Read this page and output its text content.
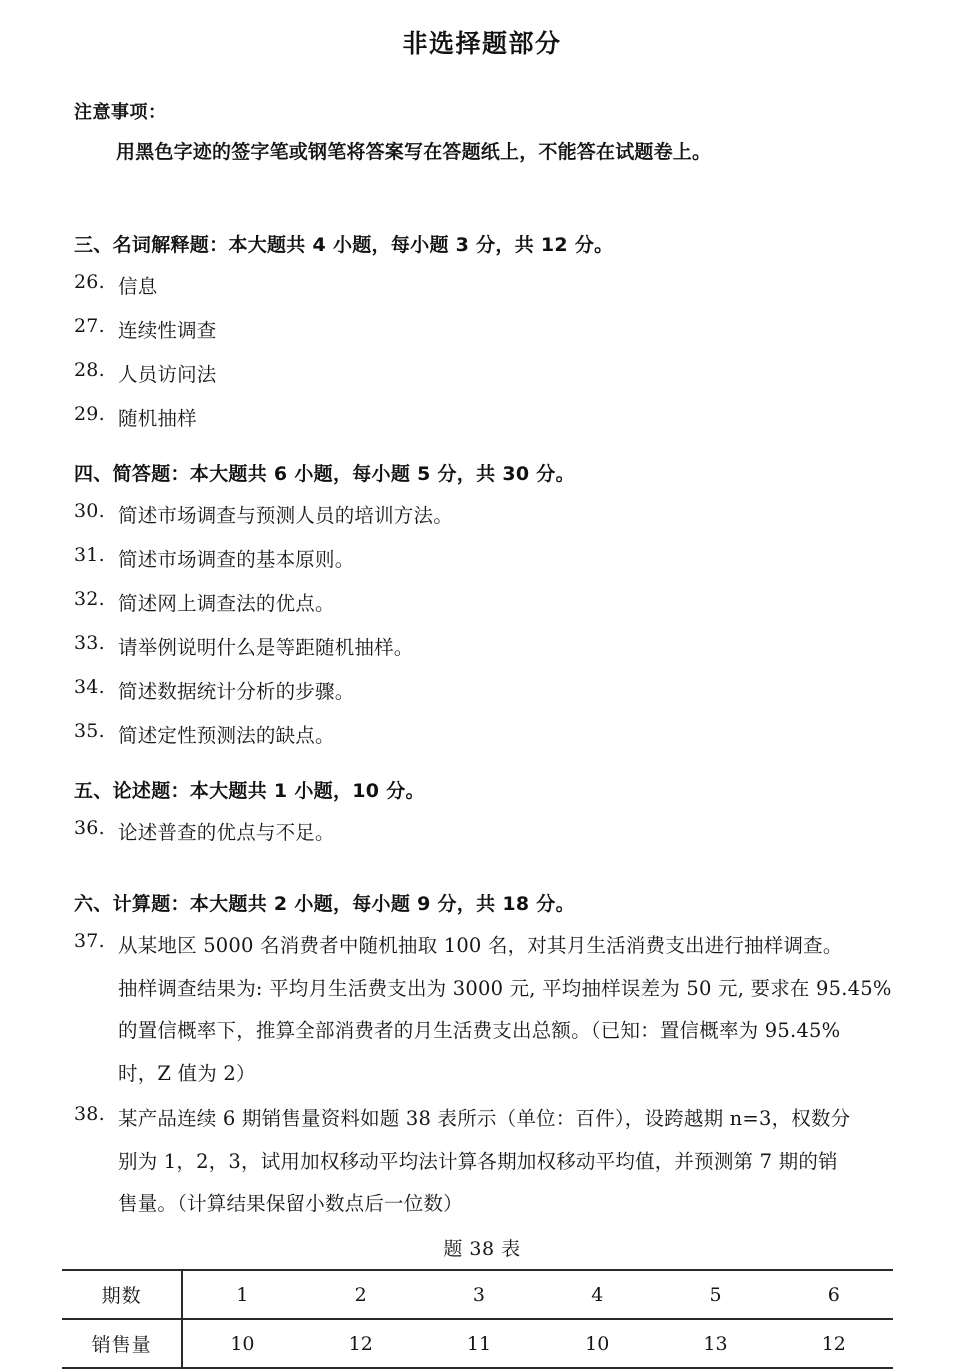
非选择题部分
注意事项：
用黑色字迹的签字笔或钢笔将答案写在答题纸上，不能答在试题卷上。
三、名词解释题：本大题共 4 小题，每小题 3 分，共 12 分。
26. 信息
27. 连续性调查
28. 人员访问法
29. 随机抽样
四、简答题：本大题共 6 小题，每小题 5 分，共 30 分。
30. 简述市场调查与预测人员的培训方法。
31. 简述市场调查的基本原则。
32. 简述网上调查法的优点。
33. 请举例说明什么是等距随机抽样。
34. 简述数据统计分析的步骤。
35. 简述定性预测法的缺点。
五、论述题：本大题共 1 小题，10 分。
36. 论述普查的优点与不足。
六、计算题：本大题共 2 小题，每小题 9 分，共 18 分。
37. 从某地区 5000 名消费者中随机抽取 100 名，对其月生活消费支出进行抽样调查。

抽样调查结果为: 平均月生活费支出为 3000 元, 平均抽样误差为 50 元, 要求在 95.45%

的置信概率下，推算全部消费者的月生活费支出总额。（已知：置信概率为 95.45%

时，Z 值为 2）

38. 某产品连续 6 期销售量资料如题 38 表所示（单位：百件），设跨越期 n=3，权数分

别为 1，2，3，试用加权移动平均法计算各期加权移动平均值，并预测第 7 期的销

售量。（计算结果保留小数点后一位数）

题 38 表
期数	1	2	3	4	5	6
销售量	10	12	11	10	13	12
